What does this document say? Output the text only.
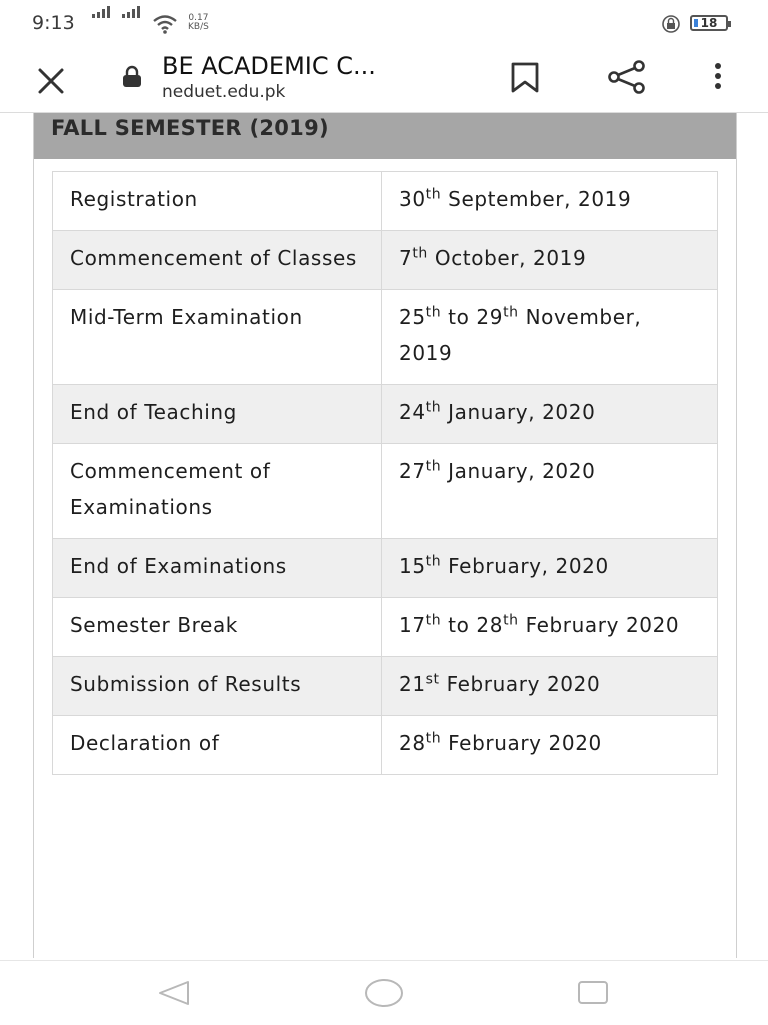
9:13	0.17
KB/S	18
BE ACADEMIC C...
neduet.edu.pk
FALL SEMESTER (2019)
Registration	30th September, 2019
Commencement of Classes	7th October, 2019
Mid-Term Examination	25th to 29th November, 2019
End of Teaching	24th January, 2020
Commencement of Examinations	27th January, 2020
End of Examinations	15th February, 2020
Semester Break	17th to 28th February 2020
Submission of Results	21st February 2020
Declaration of	28th February 2020
